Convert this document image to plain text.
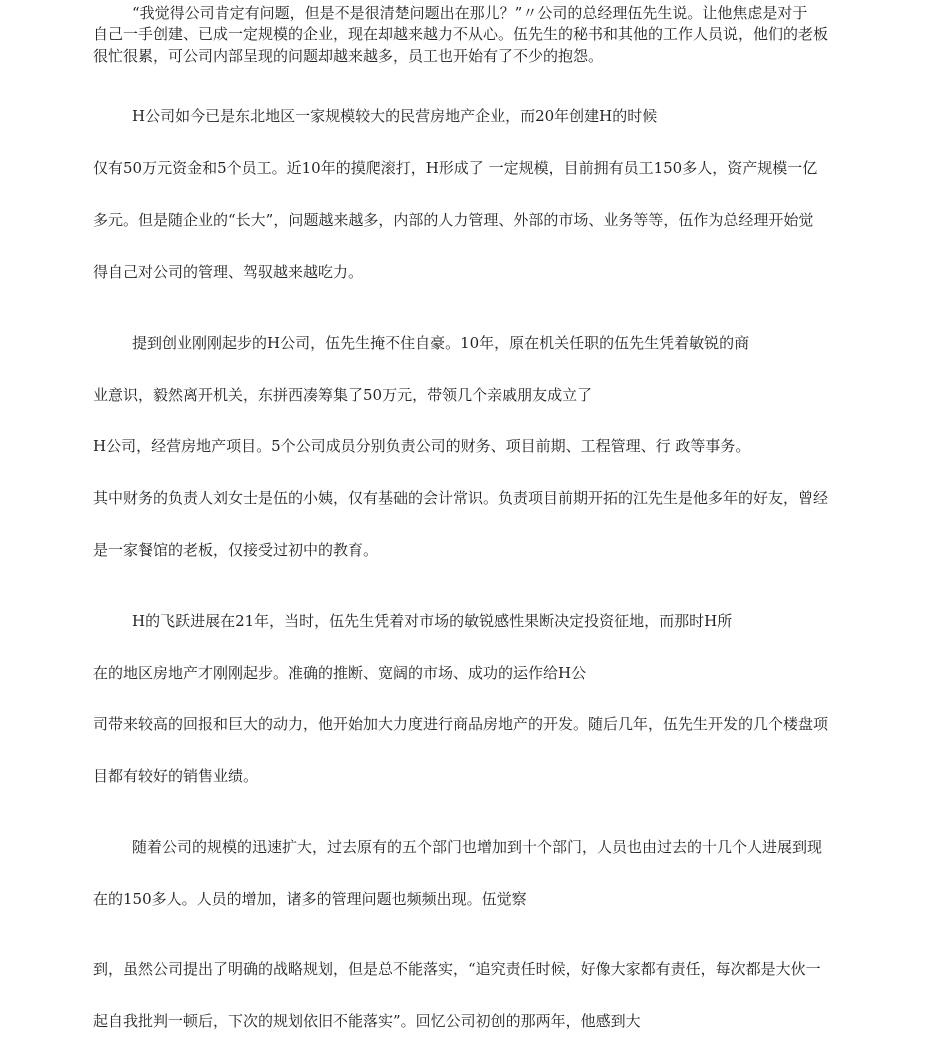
“我觉得公司肯定有问题，但是不是很清楚问题出在那儿？”〃公司的总经理伍先生说。让他焦虑是对于
自己一手创建、已成一定规模的企业，现在却越来越力不从心。伍先生的秘书和其他的工作人员说，他们的老板
很忙很累，可公司内部呈现的问题却越来越多，员工也开始有了不少的抱怨。
H公司如今已是东北地区一家规模较大的民营房地产企业，而20年创建H的时候
仅有50万元资金和5个员工。近10年的摸爬滚打，H形成了 一定规模，目前拥有员工150多人，资产规模一亿
多元。但是随企业的“长大”，问题越来越多，内部的人力管理、外部的市场、业务等等，伍作为总经理开始觉
得自己对公司的管理、驾驭越来越吃力。
提到创业刚刚起步的H公司，伍先生掩不住自豪。10年，原在机关任职的伍先生凭着敏锐的商
业意识，毅然离开机关，东拼西凑筹集了50万元，带领几个亲戚朋友成立了
H公司，经营房地产项目。5个公司成员分别负责公司的财务、项目前期、工程管理、行 政等事务。
其中财务的负责人刘女士是伍的小姨，仅有基础的会计常识。负责项目前期开拓的江先生是他多年的好友，曾经
是一家餐馆的老板，仅接受过初中的教育。
H的飞跃进展在21年，当时，伍先生凭着对市场的敏锐感性果断决定投资征地，而那时H所
在的地区房地产才刚刚起步。准确的推断、宽阔的市场、成功的运作给H公
司带来较高的回报和巨大的动力，他开始加大力度进行商品房地产的开发。随后几年，伍先生开发的几个楼盘项
目都有较好的销售业绩。
随着公司的规模的迅速扩大，过去原有的五个部门也增加到十个部门，人员也由过去的十几个人进展到现
在的150多人。人员的增加，诸多的管理问题也频频出现。伍觉察
到，虽然公司提出了明确的战略规划，但是总不能落实，“追究责任时候，好像大家都有责任，每次都是大伙一
起自我批判一顿后，下次的规划依旧不能落实”。回忆公司初创的那两年，他感到大
